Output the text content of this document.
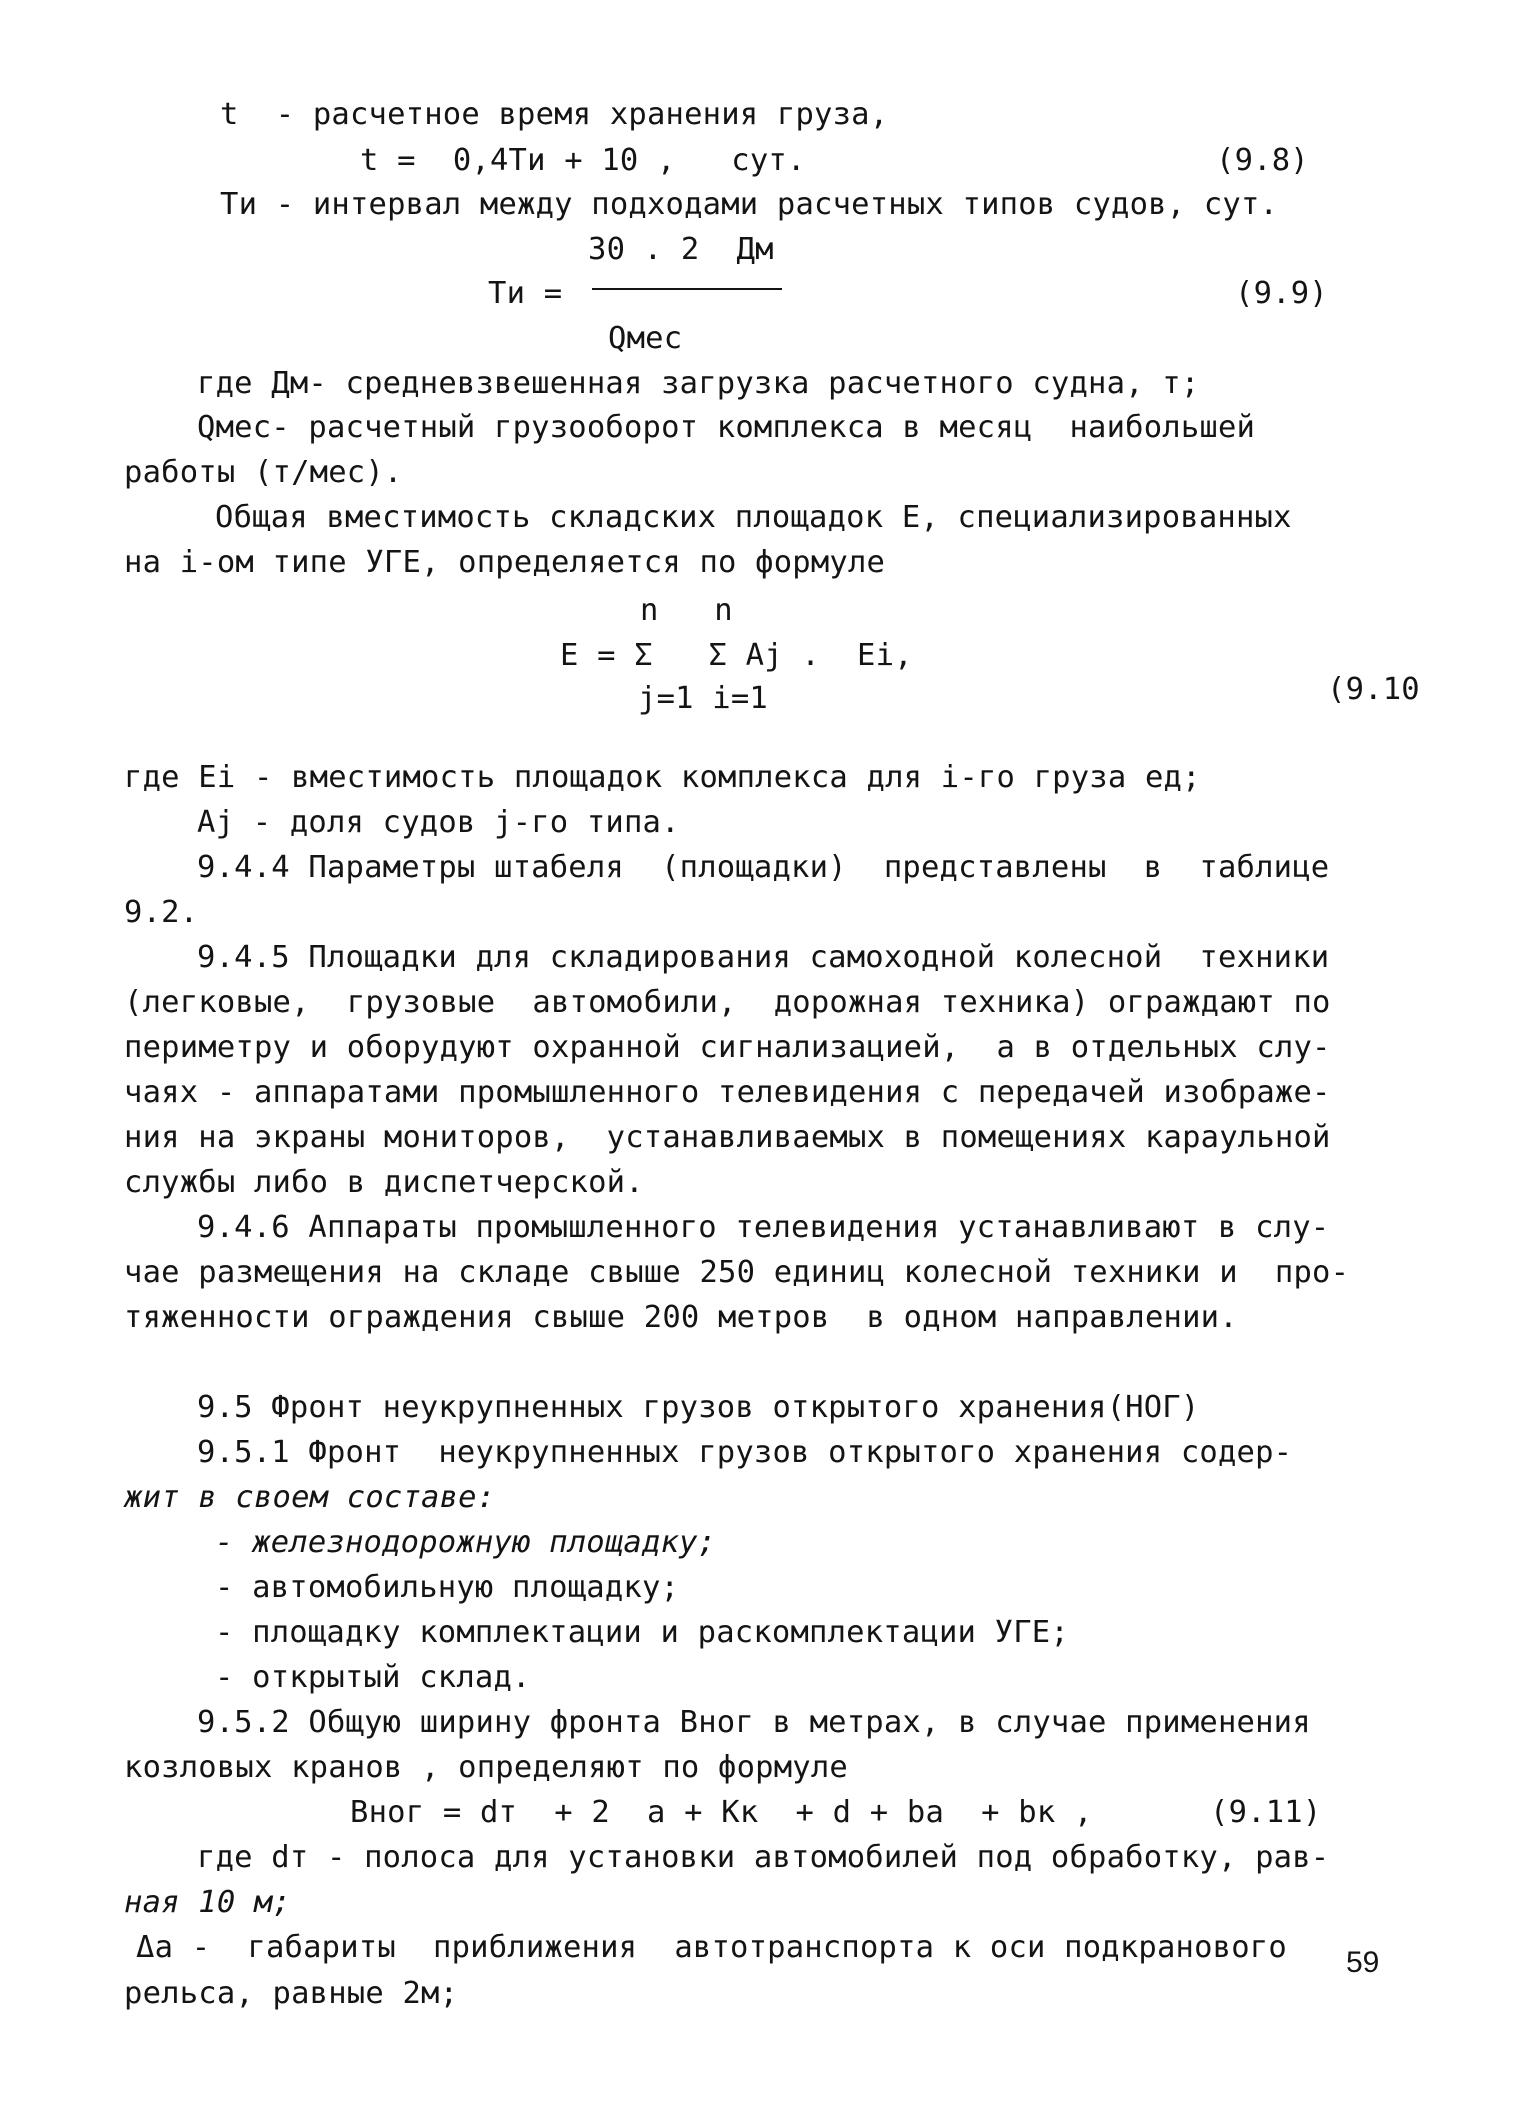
t  - расчетное время хранения груза,
t =  0,4Ти + 10 ,   сут.	(9.8)
Ти - интервал между подходами расчетных типов судов, сут.
30 . 2  Дм
Ти =	(9.9)
Qмес
где Дм- средневзвешенная загрузка расчетного судна, т;
Qмес- расчетный грузооборот комплекса в месяц  наибольшей
работы (т/мес).
Общая вместимость складских площадок Е, специализированных
на i-ом типе УГЕ, определяется по формуле
n   n
E = Σ   Σ Aj .  Ei,
j=1 i=1	(9.10
где Ei - вместимость площадок комплекса для i-го груза ед;
Aj - доля судов j-го типа.
9.4.4 Параметры штабеля  (площадки)  представлены  в  таблице
9.2.
9.4.5 Площадки для складирования самоходной колесной  техники
(легковые,  грузовые  автомобили,  дорожная техника) ограждают по
периметру и оборудуют охранной сигнализацией,  а в отдельных слу-
чаях - аппаратами промышленного телевидения с передачей изображе-
ния на экраны мониторов,  устанавливаемых в помещениях караульной
службы либо в диспетчерской.
9.4.6 Аппараты промышленного телевидения устанавливают в слу-
чае размещения на складе свыше 250 единиц колесной техники и  про-
тяженности ограждения свыше 200 метров  в одном направлении.
9.5 Фронт неукрупненных грузов открытого хранения(НОГ)
9.5.1 Фронт  неукрупненных грузов открытого хранения содер-
жит в своем составе:
- железнодорожную площадку;
- автомобильную площадку;
- площадку комплектации и раскомплектации УГЕ;
- открытый склад.
9.5.2 Общую ширину фронта Вног в метрах, в случае применения
козловых кранов , определяют по формуле
Вног = dт  + 2  a + Кк  + d + bа  + bк ,	(9.11)
где dт - полоса для установки автомобилей под обработку, рав-
ная 10 м;
Δa -  габариты  приближения  автотранспорта к оси подкранового
рельса, равные 2м;
59
